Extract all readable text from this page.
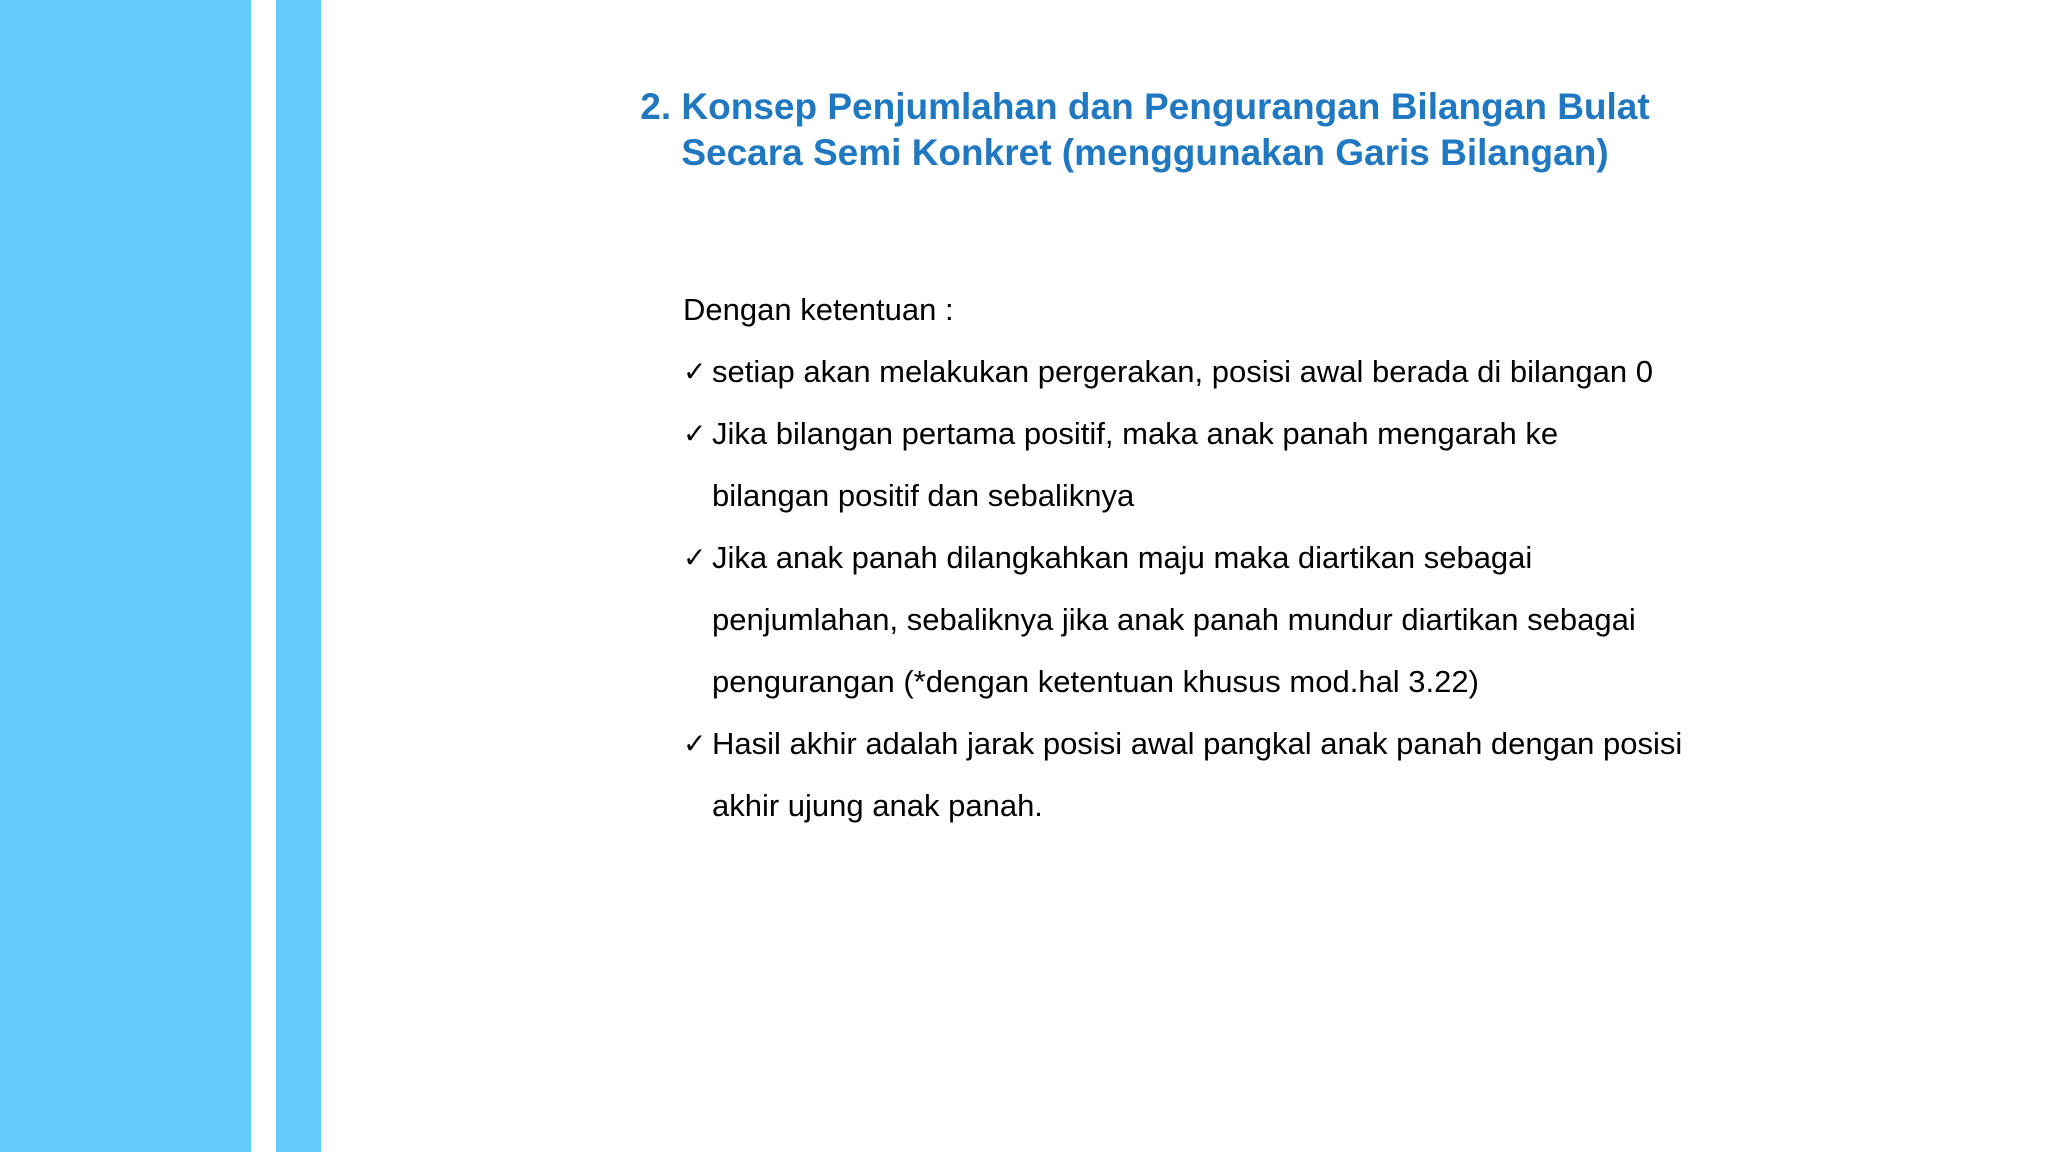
2. Konsep Penjumlahan dan Pengurangan Bilangan Bulat
Secara Semi Konkret (menggunakan Garis Bilangan)

Dengan ketentuan :

✓ setiap akan melakukan pergerakan, posisi awal berada di bilangan 0
✓ Jika bilangan pertama positif, maka anak panah mengarah ke bilangan positif dan sebaliknya
✓ Jika anak panah dilangkahkan maju maka diartikan sebagai penjumlahan, sebaliknya jika anak panah mundur diartikan sebagai pengurangan (*dengan ketentuan khusus mod.hal 3.22)
✓ Hasil akhir adalah jarak posisi awal pangkal anak panah dengan posisi akhir ujung anak panah.
